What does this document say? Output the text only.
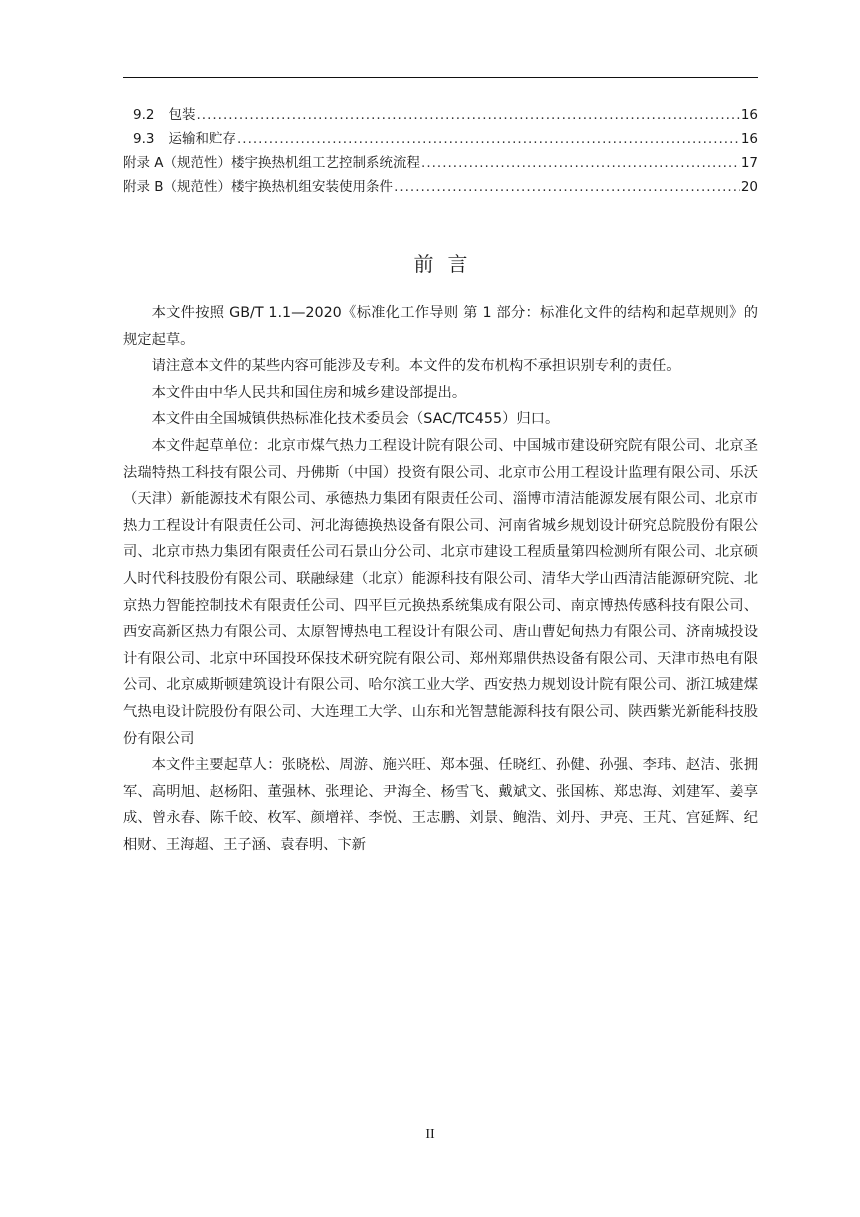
9.2 包装 .....	16
9.3 运输和贮存 .....	16
附录 A（规范性）楼宇换热机组工艺控制系统流程 .....	17
附录 B（规范性）楼宇换热机组安装使用条件 .....	20
前言

本文件按照 GB/T 1.1—2020《标准化工作导则 第 1 部分：标准化文件的结构和起草规则》的规定起草。

请注意本文件的某些内容可能涉及专利。本文件的发布机构不承担识别专利的责任。

本文件由中华人民共和国住房和城乡建设部提出。

本文件由全国城镇供热标准化技术委员会（SAC/TC455）归口。

本文件起草单位：北京市煤气热力工程设计院有限公司、中国城市建设研究院有限公司、北京圣法瑞特热工科技有限公司、丹佛斯（中国）投资有限公司、北京市公用工程设计监理有限公司、乐沃（天津）新能源技术有限公司、承德热力集团有限责任公司、淄博市清洁能源发展有限公司、北京市热力工程设计有限责任公司、河北海德换热设备有限公司、河南省城乡规划设计研究总院股份有限公司、北京市热力集团有限责任公司石景山分公司、北京市建设工程质量第四检测所有限公司、北京硕人时代科技股份有限公司、联融绿建（北京）能源科技有限公司、清华大学山西清洁能源研究院、北京热力智能控制技术有限责任公司、四平巨元换热系统集成有限公司、南京博热传感科技有限公司、西安高新区热力有限公司、太原智博热电工程设计有限公司、唐山曹妃甸热力有限公司、济南城投设计有限公司、北京中环国投环保技术研究院有限公司、郑州郑鼎供热设备有限公司、天津市热电有限公司、北京威斯顿建筑设计有限公司、哈尔滨工业大学、西安热力规划设计院有限公司、浙江城建煤气热电设计院股份有限公司、大连理工大学、山东和光智慧能源科技有限公司、陕西紫光新能科技股份有限公司

本文件主要起草人：张晓松、周游、施兴旺、郑本强、任晓红、孙健、孙强、李玮、赵洁、张拥军、高明旭、赵杨阳、董强林、张理论、尹海全、杨雪飞、戴斌文、张国栋、郑忠海、刘建军、姜享成、曾永春、陈千皎、枚军、颜增祥、李悦、王志鹏、刘景、鲍浩、刘丹、尹亮、王芃、宫延辉、纪相财、王海超、王子涵、袁春明、卞新

II
